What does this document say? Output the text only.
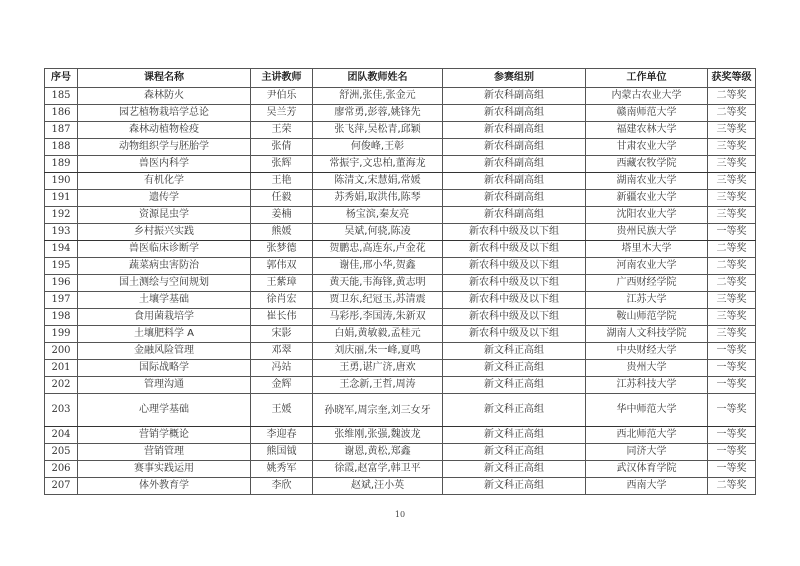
序号	课程名称	主讲教师	团队教师姓名	参赛组别	工作单位	获奖等级
185	森林防火	尹伯乐	舒洲,张佳,张金元	新农科副高组	内蒙古农业大学	二等奖
186	园艺植物栽培学总论	吴兰芳	廖常勇,彭蓉,姚锋先	新农科副高组	赣南师范大学	二等奖
187	森林动植物检疫	王荣	张飞萍,吴松青,邱颖	新农科副高组	福建农林大学	三等奖
188	动物组织学与胚胎学	张倩	何俊峰,王彰	新农科副高组	甘肃农业大学	三等奖
189	兽医内科学	张辉	常振宇,文忠柏,董海龙	新农科副高组	西藏农牧学院	三等奖
190	有机化学	王艳	陈清文,宋慧娟,常媛	新农科副高组	湖南农业大学	三等奖
191	遗传学	任毅	苏秀娟,取洪伟,陈琴	新农科副高组	新疆农业大学	三等奖
192	资源昆虫学	姜楠	杨宝滨,秦友亮	新农科副高组	沈阳农业大学	三等奖
193	乡村振兴实践	熊媛	吴斌,何骁,陈凌	新农科中级及以下组	贵州民族大学	一等奖
194	兽医临床诊断学	张梦德	贺鹏忠,高连东,卢金花	新农科中级及以下组	塔里木大学	二等奖
195	蔬菜病虫害防治	郭伟双	谢佳,邢小华,贺鑫	新农科中级及以下组	河南农业大学	二等奖
196	国土测绘与空间规划	王紫璋	黄天能,韦海锋,黄志明	新农科中级及以下组	广西财经学院	二等奖
197	土壤学基础	徐肖宏	贾卫东,纪冠玉,苏清震	新农科中级及以下组	江苏大学	三等奖
198	食用菌栽培学	崔长伟	马彩彤,李国涛,朱新双	新农科中级及以下组	鞍山师范学院	三等奖
199	土壤肥料学 A	宋影	白娟,黄敏毅,孟桂元	新农科中级及以下组	湖南人文科技学院	三等奖
200	金融风险管理	邓翠	刘庆丽,朱一峰,夏鸣	新文科正高组	中央财经大学	一等奖
201	国际战略学	冯站	王勇,谌广济,唐欢	新文科正高组	贵州大学	一等奖
202	管理沟通	金辉	王念新,王哲,周涛	新文科正高组	江苏科技大学	一等奖
203	心理学基础	王媛	孙晓军,周宗奎,刘三女牙	新文科正高组	华中师范大学	一等奖
204	营销学概论	李迎春	张维刚,张强,魏波龙	新文科正高组	西北师范大学	一等奖
205	营销管理	熊国钺	谢恩,黄松,郑鑫	新文科正高组	同济大学	一等奖
206	赛事实践运用	姚秀军	徐霞,赵富学,韩卫平	新文科正高组	武汉体育学院	一等奖
207	体外教育学	李欣	赵斌,汪小英	新文科正高组	西南大学	二等奖
10
